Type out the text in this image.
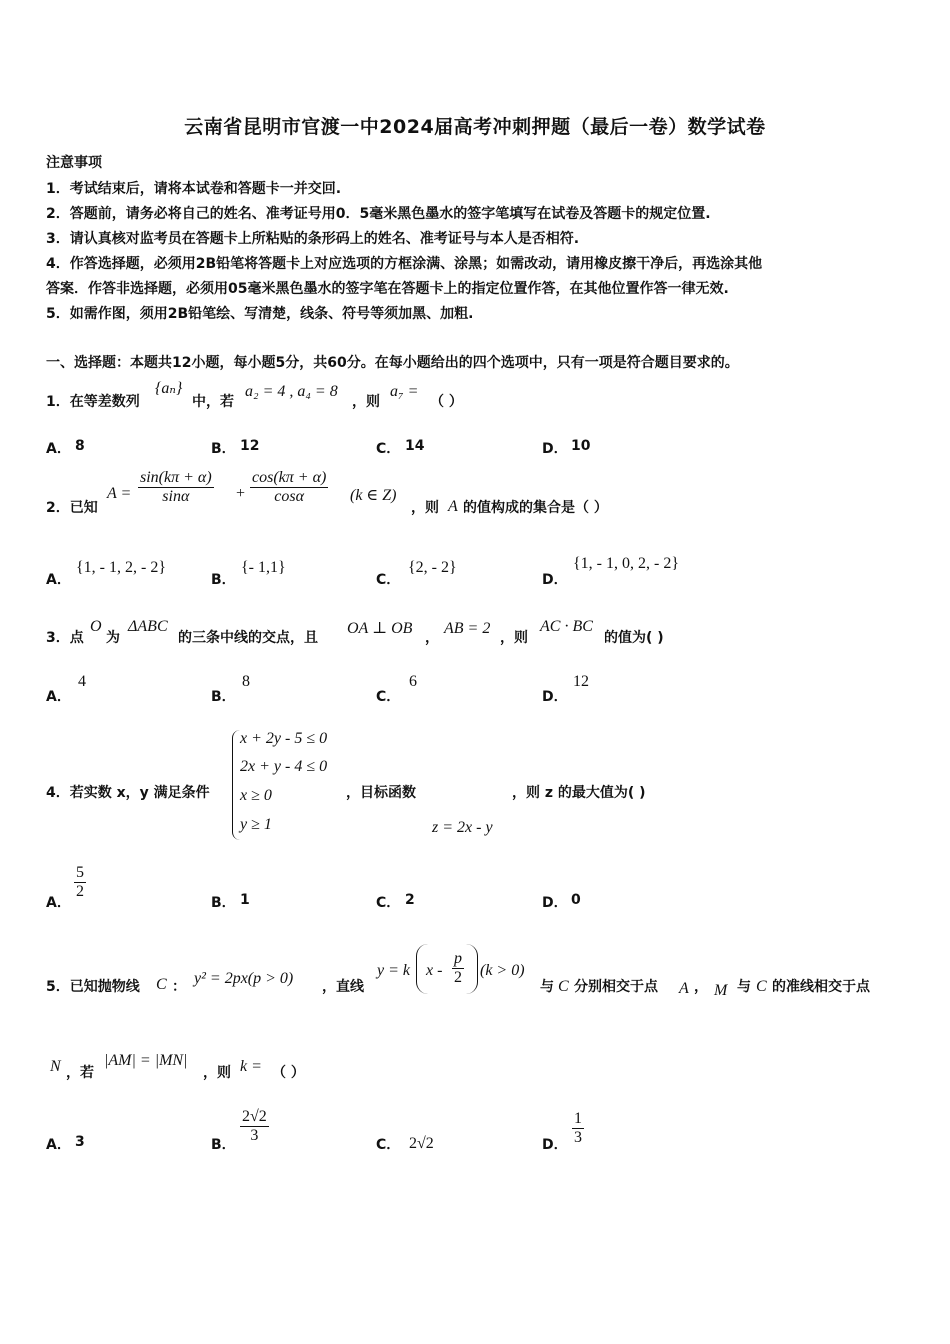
云南省昆明市官渡一中2024届高考冲刺押题（最后一卷）数学试卷
注意事项
1．考试结束后，请将本试卷和答题卡一并交回.
2．答题前，请务必将自己的姓名、准考证号用0．5毫米黑色墨水的签字笔填写在试卷及答题卡的规定位置.
3．请认真核对监考员在答题卡上所粘贴的条形码上的姓名、准考证号与本人是否相符.
4．作答选择题，必须用2B铅笔将答题卡上对应选项的方框涂满、涂黑；如需改动，请用橡皮擦干净后，再选涂其他
答案．作答非选择题，必须用05毫米黑色墨水的签字笔在答题卡上的指定位置作答，在其他位置作答一律无效.
5．如需作图，须用2B铅笔绘、写清楚，线条、符号等须加黑、加粗.
一、选择题：本题共12小题，每小题5分，共60分。在每小题给出的四个选项中，只有一项是符合题目要求的。
1．在等差数列
{aₙ}
中，若
a₂ = 4 , a₄ = 8
，则
a₇ =
（ ）
A． 8	B． 12	C． 14	D． 10
2．已知
$A = \frac{\sin(k\pi + \alpha)}{\sin\alpha} + \frac{\cos(k\pi + \alpha)}{\cos\alpha} (k$ ∈ Z)
，则 A 的值构成的集合是（ ）
A．
{1, - 1, 2, - 2}
B．
{- 1,1}
C．
{2, - 2}
D．
{1, - 1, 0, 2, - 2}
3．点
O
为
ΔABC
的三条中线的交点，且
OA ⊥ OB
，
AB = 2
，则
AC · BC
的值为( )
A．
4
B．
8
C．
6
D．
12
4．若实数 x，y 满足条件
x + 2y - 5 ≤ 0
2x + y - 4 ≤ 0
x ≥ 0
y ≥ 1
，目标函数	，则 z 的最大值为( )
z = 2x - y
A．
$\frac{5}{2}$
B． 1	C． 2	D． 0
5．已知抛物线 C ： y² = 2px(p > 0) ，直线
y = k $x - \frac{p}{2} (k > 0)$
与 C 分别相交于点 A ， M 与 C 的准线相交于点
N ，若
|AM| = |MN|
，则 k = （ ）
A． 3	B． $\frac{2√2}{3}$	C． 2√2	D． $\frac{1}{3}$
